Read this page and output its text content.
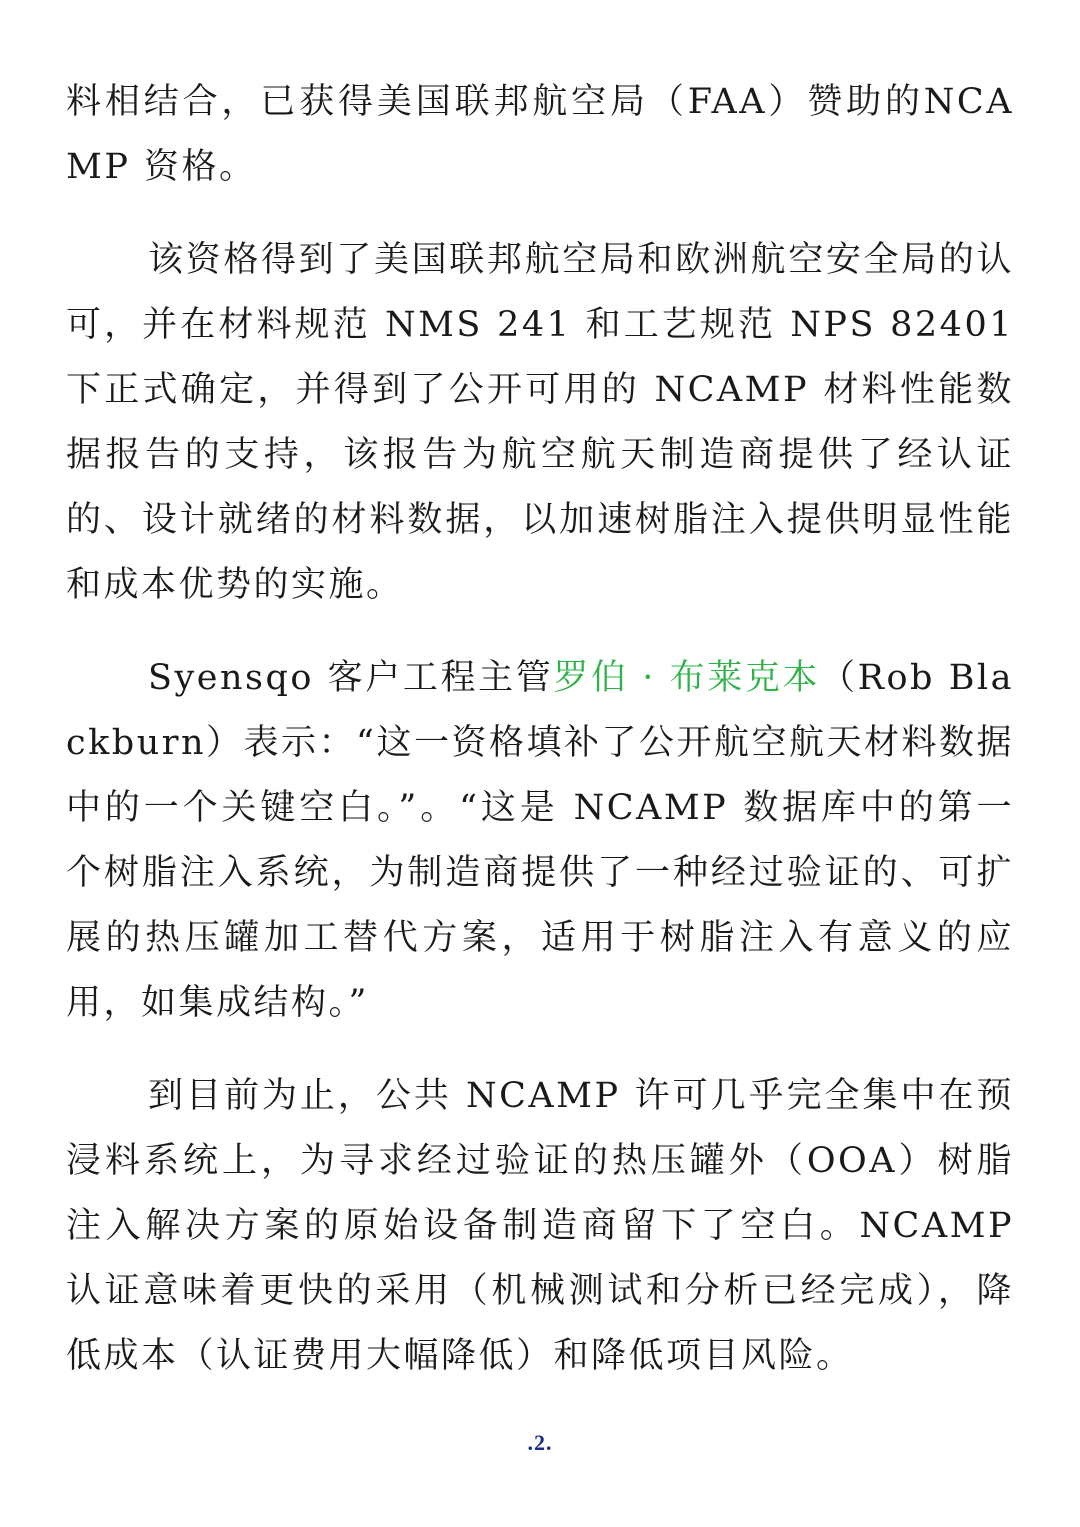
料相结合，已获得美国联邦航空局（FAA）赞助的NCAMP 资格。

该资格得到了美国联邦航空局和欧洲航空安全局的认可，并在材料规范 NMS 241 和工艺规范 NPS 82401 下正式确定，并得到了公开可用的 NCAMP 材料性能数据报告的支持，该报告为航空航天制造商提供了经认证的、设计就绪的材料数据，以加速树脂注入提供明显性能和成本优势的实施。

Syensqo 客户工程主管罗伯 · 布莱克本（Rob Blackburn）表示：“这一资格填补了公开航空航天材料数据中的一个关键空白。”。“这是 NCAMP 数据库中的第一个树脂注入系统，为制造商提供了一种经过验证的、可扩展的热压罐加工替代方案，适用于树脂注入有意义的应用，如集成结构。”

到目前为止，公共 NCAMP 许可几乎完全集中在预浸料系统上，为寻求经过验证的热压罐外（OOA）树脂注入解决方案的原始设备制造商留下了空白。NCAMP 认证意味着更快的采用（机械测试和分析已经完成），降低成本（认证费用大幅降低）和降低项目风险。

.2.
